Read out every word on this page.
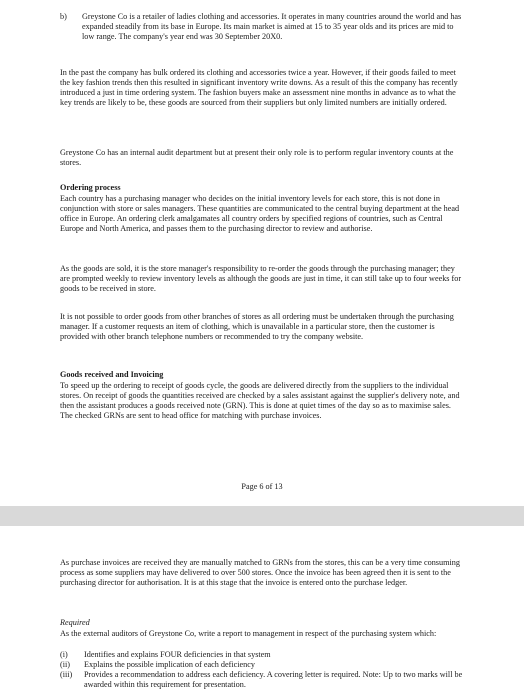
b) Greystone Co is a retailer of ladies clothing and accessories. It operates in many countries around the world and has expanded steadily from its base in Europe. Its main market is aimed at 15 to 35 year olds and its prices are mid to low range. The company's year end was 30 September 20X0.

In the past the company has bulk ordered its clothing and accessories twice a year. However, if their goods failed to meet the key fashion trends then this resulted in significant inventory write downs. As a result of this the company has recently introduced a just in time ordering system. The fashion buyers make an assessment nine months in advance as to what the key trends are likely to be, these goods are sourced from their suppliers but only limited numbers are initially ordered.

Greystone Co has an internal audit department but at present their only role is to perform regular inventory counts at the stores.

Ordering process

Each country has a purchasing manager who decides on the initial inventory levels for each store, this is not done in conjunction with store or sales managers. These quantities are communicated to the central buying department at the head office in Europe. An ordering clerk amalgamates all country orders by specified regions of countries, such as Central Europe and North America, and passes them to the purchasing director to review and authorise.

As the goods are sold, it is the store manager's responsibility to re-order the goods through the purchasing manager; they are prompted weekly to review inventory levels as although the goods are just in time, it can still take up to four weeks for goods to be received in store.

It is not possible to order goods from other branches of stores as all ordering must be undertaken through the purchasing manager. If a customer requests an item of clothing, which is unavailable in a particular store, then the customer is provided with other branch telephone numbers or recommended to try the company website.

Goods received and Invoicing

To speed up the ordering to receipt of goods cycle, the goods are delivered directly from the suppliers to the individual stores. On receipt of goods the quantities received are checked by a sales assistant against the supplier's delivery note, and then the assistant produces a goods received note (GRN). This is done at quiet times of the day so as to maximise sales. The checked GRNs are sent to head office for matching with purchase invoices.

Page 6 of 13

As purchase invoices are received they are manually matched to GRNs from the stores, this can be a very time consuming process as some suppliers may have delivered to over 500 stores. Once the invoice has been agreed then it is sent to the purchasing director for authorisation. It is at this stage that the invoice is entered onto the purchase ledger.

Required

As the external auditors of Greystone Co, write a report to management in respect of the purchasing system which:

(i)	Identifies and explains FOUR deficiencies in that system
(ii)	Explains the possible implication of each deficiency
(iii)	Provides a recommendation to address each deficiency. A covering letter is required. Note: Up to two marks will be awarded within this requirement for presentation.
